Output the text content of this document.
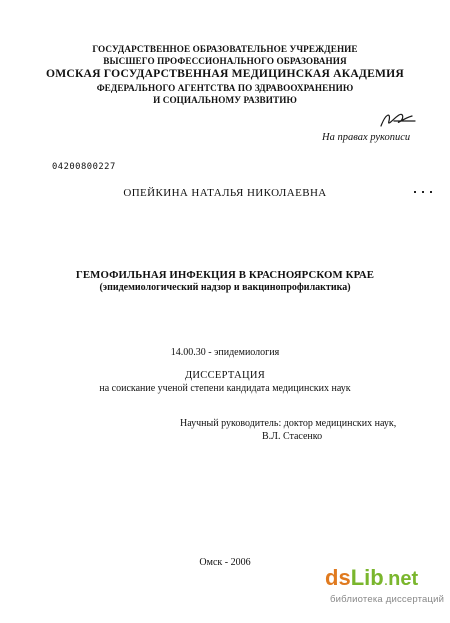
ГОСУДАРСТВЕННОЕ ОБРАЗОВАТЕЛЬНОЕ УЧРЕЖДЕНИЕ
ВЫСШЕГО ПРОФЕССИОНАЛЬНОГО ОБРАЗОВАНИЯ
ОМСКАЯ ГОСУДАРСТВЕННАЯ МЕДИЦИНСКАЯ АКАДЕМИЯ
ФЕДЕРАЛЬНОГО АГЕНТСТВА ПО ЗДРАВООХРАНЕНИЮ
И СОЦИАЛЬНОМУ РАЗВИТИЮ
На правах рукописи
04200800227
ОПЕЙКИНА НАТАЛЬЯ НИКОЛАЕВНА
ГЕМОФИЛЬНАЯ ИНФЕКЦИЯ В КРАСНОЯРСКОМ КРАЕ
(эпидемиологический надзор и вакцинопрофилактика)
14.00.30 - эпидемиология
ДИССЕРТАЦИЯ
на соискание ученой степени кандидата медицинских наук
Научный руководитель: доктор медицинских наук,
В.Л. Стасенко
Омск - 2006
dsLib.net
библиотека диссертаций
